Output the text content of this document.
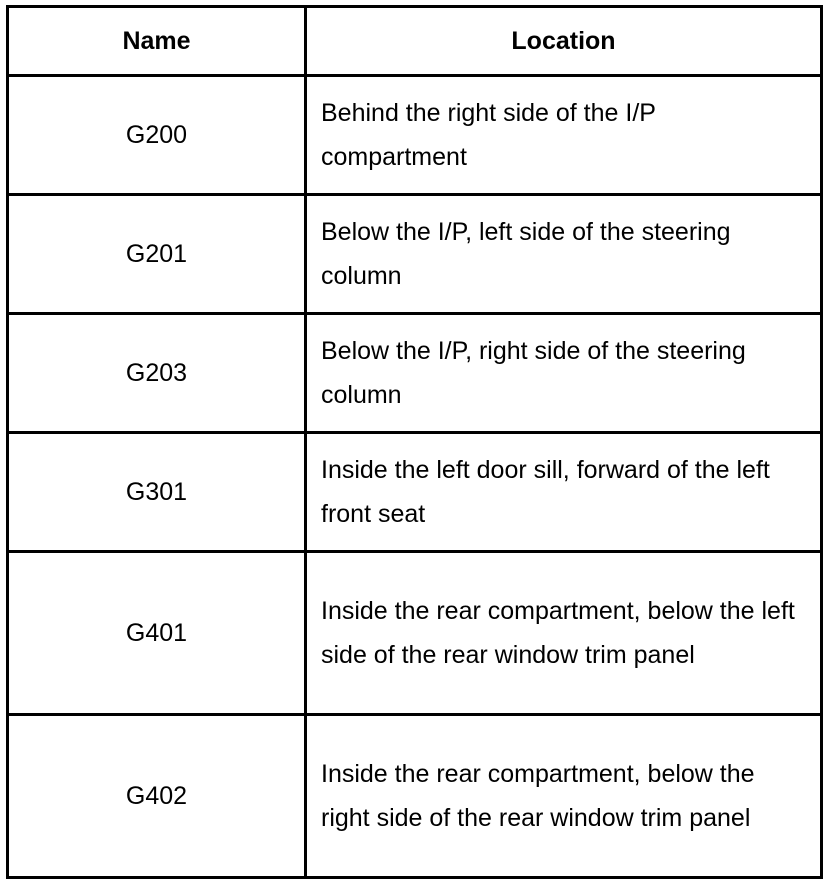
Name	Location
G200	Behind the right side of the I/P compartment
G201	Below the I/P, left side of the steering column
G203	Below the I/P, right side of the steering column
G301	Inside the left door sill, forward of the left front seat
G401	Inside the rear compartment, below the left side of the rear window trim panel
G402	Inside the rear compartment, below the right side of the rear window trim panel
